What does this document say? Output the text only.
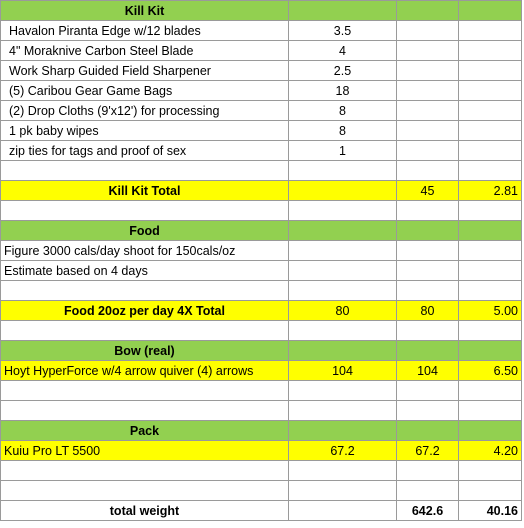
Kill Kit			
Havalon Piranta Edge w/12 blades	3.5		
4" Moraknive Carbon Steel Blade	4		
Work Sharp Guided Field Sharpener	2.5		
(5) Caribou Gear Game Bags	18		
(2) Drop Cloths (9'x12') for processing	8		
1 pk baby wipes	8		
zip ties for tags and proof of sex	1		

Kill Kit Total		45	2.81

Food			
Figure 3000 cals/day shoot for 150cals/oz			
Estimate based on 4 days			

Food 20oz per day 4X Total	80	80	5.00

Bow (real)			
Hoyt HyperForce w/4 arrow quiver (4) arrows	104	104	6.50

Pack			
Kuiu Pro LT 5500	67.2	67.2	4.20

total weight		642.6	40.16
